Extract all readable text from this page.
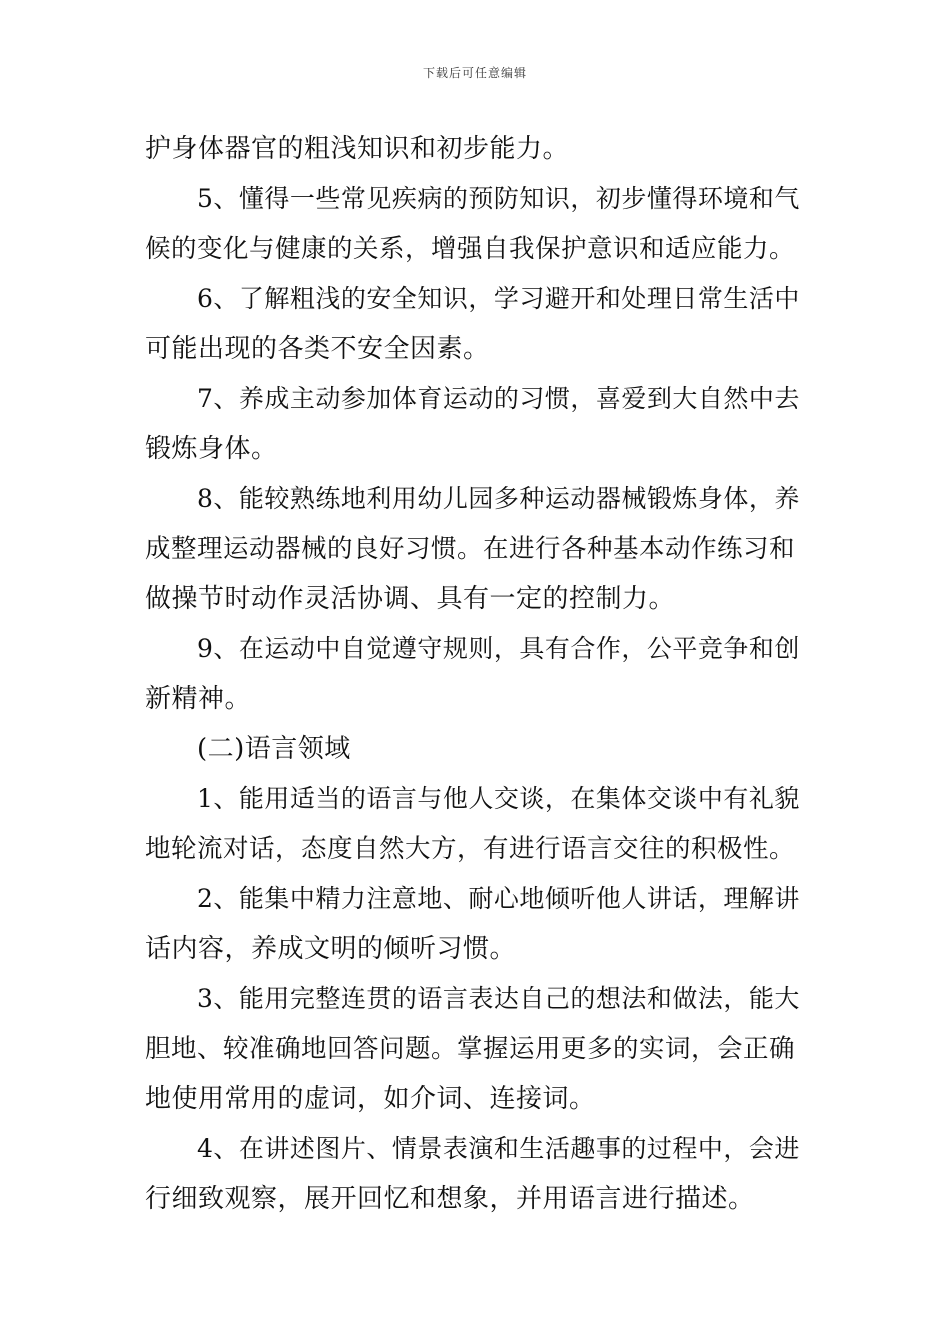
下载后可任意编辑
护身体器官的粗浅知识和初步能力。
5、懂得一些常见疾病的预防知识，初步懂得环境和气
候的变化与健康的关系，增强自我保护意识和适应能力。
6、了解粗浅的安全知识，学习避开和处理日常生活中
可能出现的各类不安全因素。
7、养成主动参加体育运动的习惯，喜爱到大自然中去
锻炼身体。
8、能较熟练地利用幼儿园多种运动器械锻炼身体，养
成整理运动器械的良好习惯。在进行各种基本动作练习和
做操节时动作灵活协调、具有一定的控制力。
9、在运动中自觉遵守规则，具有合作，公平竞争和创
新精神。
(二)语言领域
1、能用适当的语言与他人交谈，在集体交谈中有礼貌
地轮流对话，态度自然大方，有进行语言交往的积极性。
2、能集中精力注意地、耐心地倾听他人讲话，理解讲
话内容，养成文明的倾听习惯。
3、能用完整连贯的语言表达自己的想法和做法，能大
胆地、较准确地回答问题。掌握运用更多的实词，会正确
地使用常用的虚词，如介词、连接词。
4、在讲述图片、情景表演和生活趣事的过程中，会进
行细致观察，展开回忆和想象，并用语言进行描述。
